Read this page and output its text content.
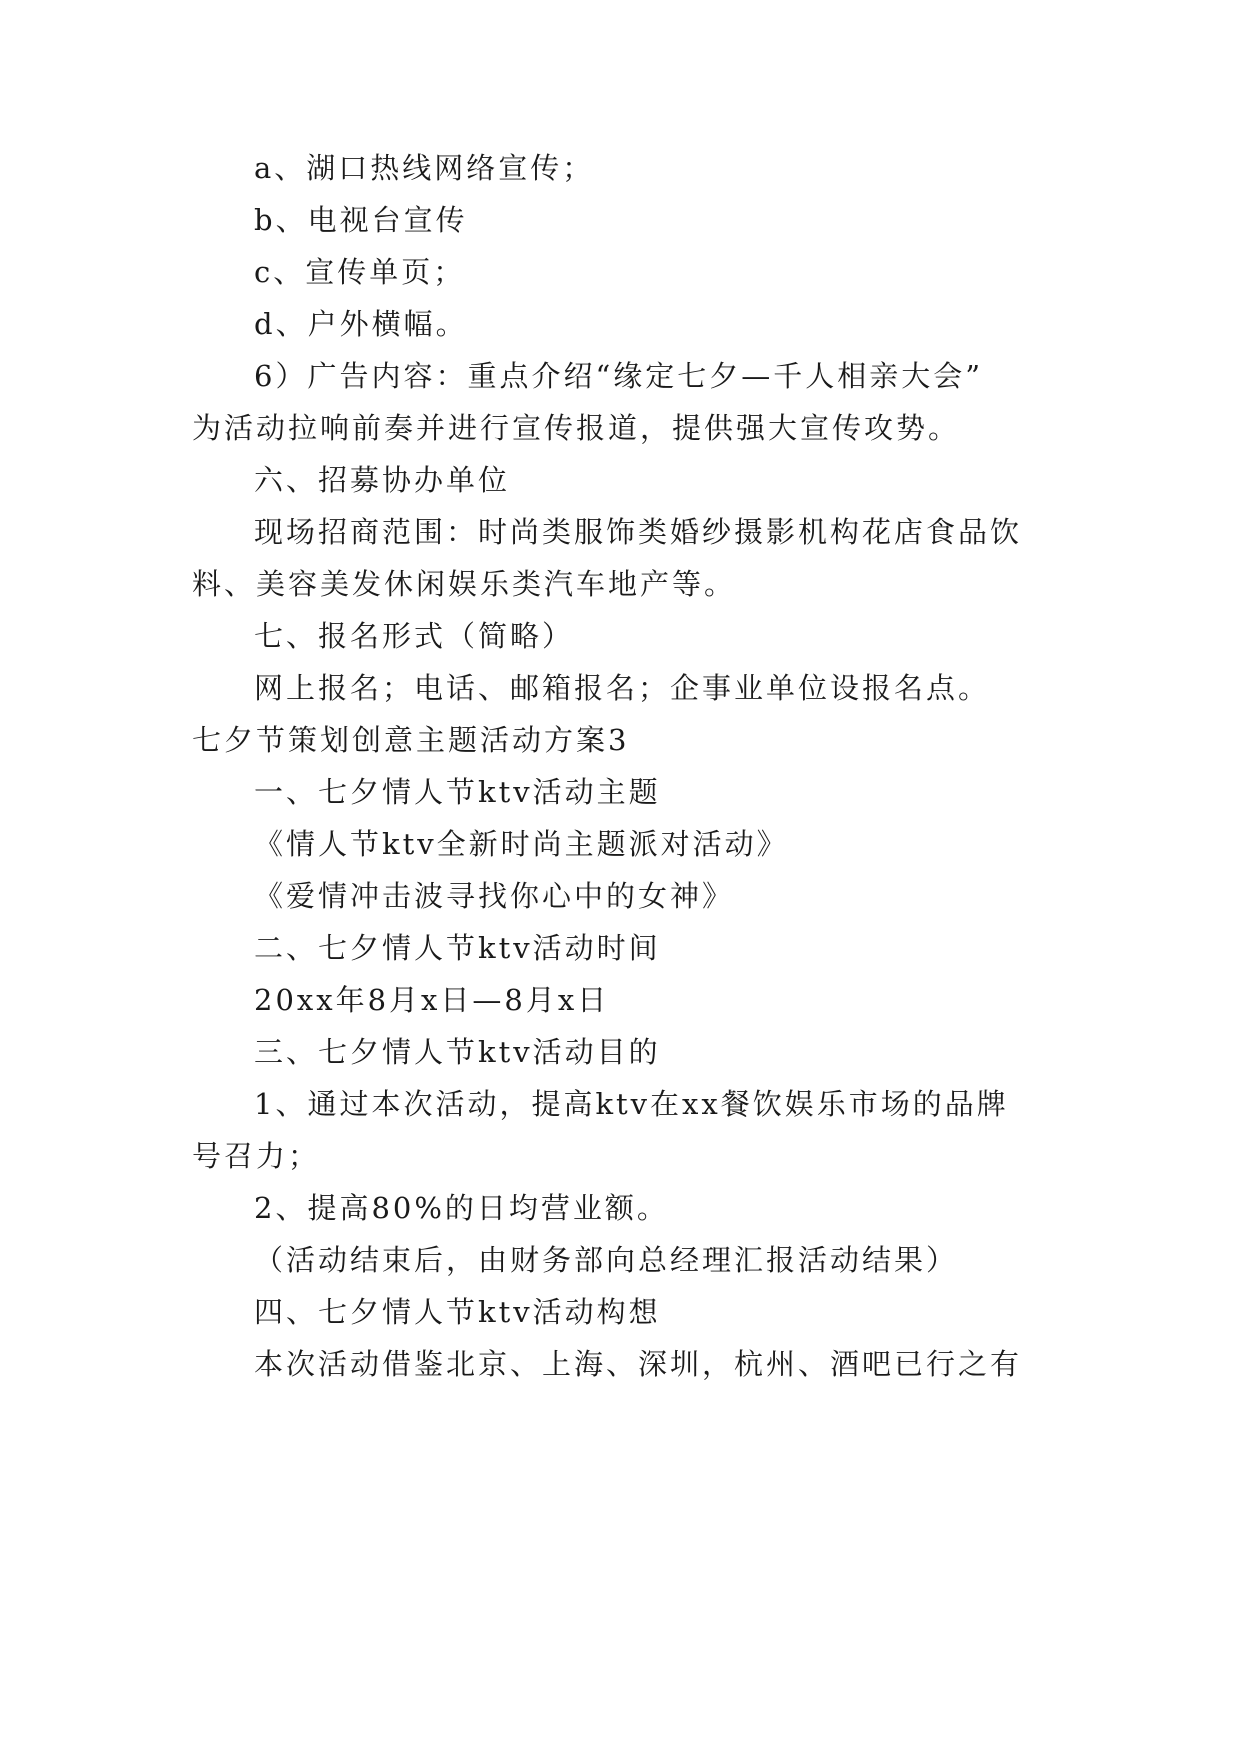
a、湖口热线网络宣传；
b、电视台宣传
c、宣传单页；
d、户外横幅。
6）广告内容：重点介绍“缘定七夕—千人相亲大会”
为活动拉响前奏并进行宣传报道，提供强大宣传攻势。
六、招募协办单位
现场招商范围：时尚类服饰类婚纱摄影机构花店食品饮
料、美容美发休闲娱乐类汽车地产等。
七、报名形式（简略）
网上报名；电话、邮箱报名；企事业单位设报名点。
七夕节策划创意主题活动方案3
一、七夕情人节ktv活动主题
《情人节ktv全新时尚主题派对活动》
《爱情冲击波寻找你心中的女神》
二、七夕情人节ktv活动时间
20xx年8月x日—8月x日
三、七夕情人节ktv活动目的
1、通过本次活动，提高ktv在xx餐饮娱乐市场的品牌
号召力；
2、提高80%的日均营业额。
（活动结束后，由财务部向总经理汇报活动结果）
四、七夕情人节ktv活动构想
本次活动借鉴北京、上海、深圳，杭州、酒吧已行之有
